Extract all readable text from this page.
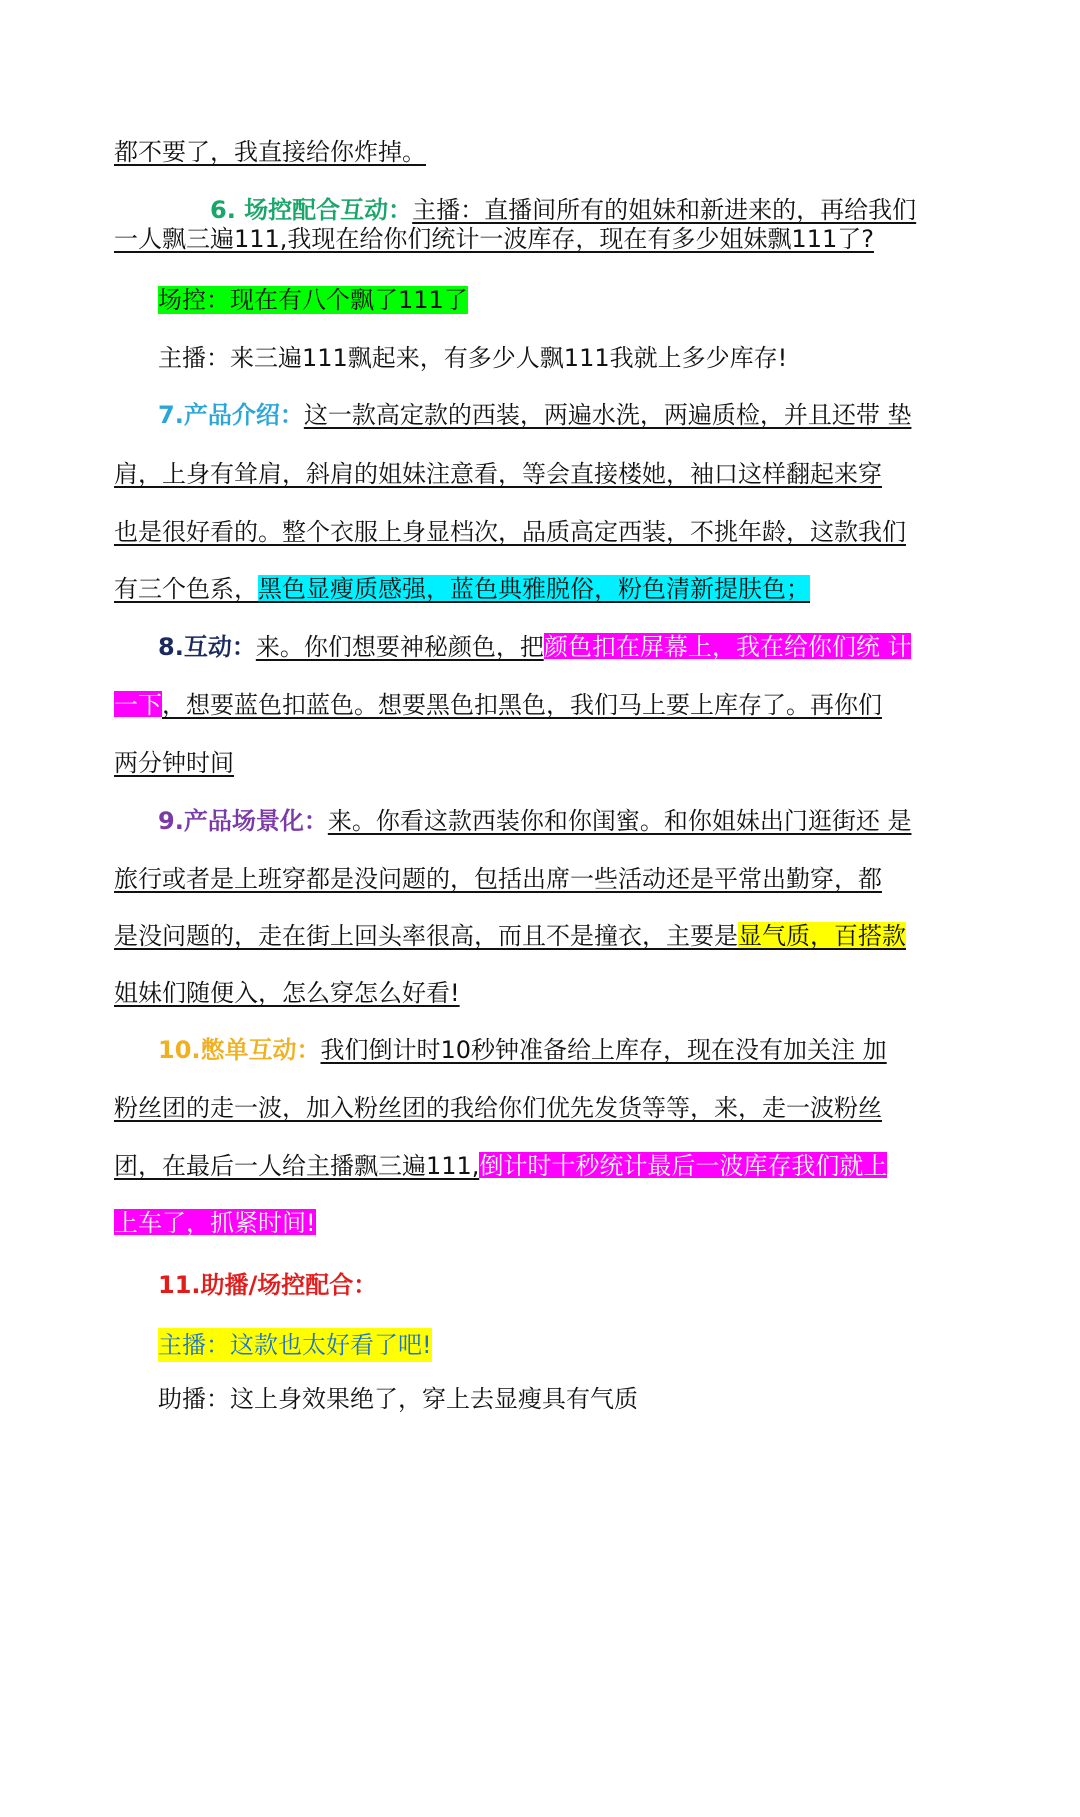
都不要了，我直接给你炸掉。
6. 场控配合互动：主播：直播间所有的姐妹和新进来的，再给我们
一人飘三遍111,我现在给你们统计一波库存，现在有多少姐妹飘111了?
场控：现在有八个飘了111了
主播：来三遍111飘起来，有多少人飘111我就上多少库存!
7.产品介绍：这一款高定款的西装，两遍水洗，两遍质检，并且还带 垫
肩，上身有耸肩，斜肩的姐妹注意看，等会直接楼她，袖口这样翻起来穿
也是很好看的。整个衣服上身显档次，品质高定西装，不挑年龄，这款我们
有三个色系，黑色显瘦质感强，蓝色典雅脱俗，粉色清新提肤色；
8.互动：来。你们想要神秘颜色，把颜色扣在屏幕上，我在给你们统 计
一下，想要蓝色扣蓝色。想要黑色扣黑色，我们马上要上库存了。再你们
两分钟时间
9.产品场景化：来。你看这款西装你和你闺蜜。和你姐妹出门逛街还 是
旅行或者是上班穿都是没问题的，包括出席一些活动还是平常出勤穿，都
是没问题的，走在街上回头率很高，而且不是撞衣，主要是显气质，百搭款
姐妹们随便入，怎么穿怎么好看!
10.憋单互动：我们倒计时10秒钟准备给上库存，现在没有加关注 加
粉丝团的走一波，加入粉丝团的我给你们优先发货等等，来，走一波粉丝
团，在最后一人给主播飘三遍111,倒计时十秒统计最后一波库存我们就上
上车了，抓紧时间!
11.助播/场控配合：
主播：这款也太好看了吧!
助播：这上身效果绝了，穿上去显瘦具有气质
